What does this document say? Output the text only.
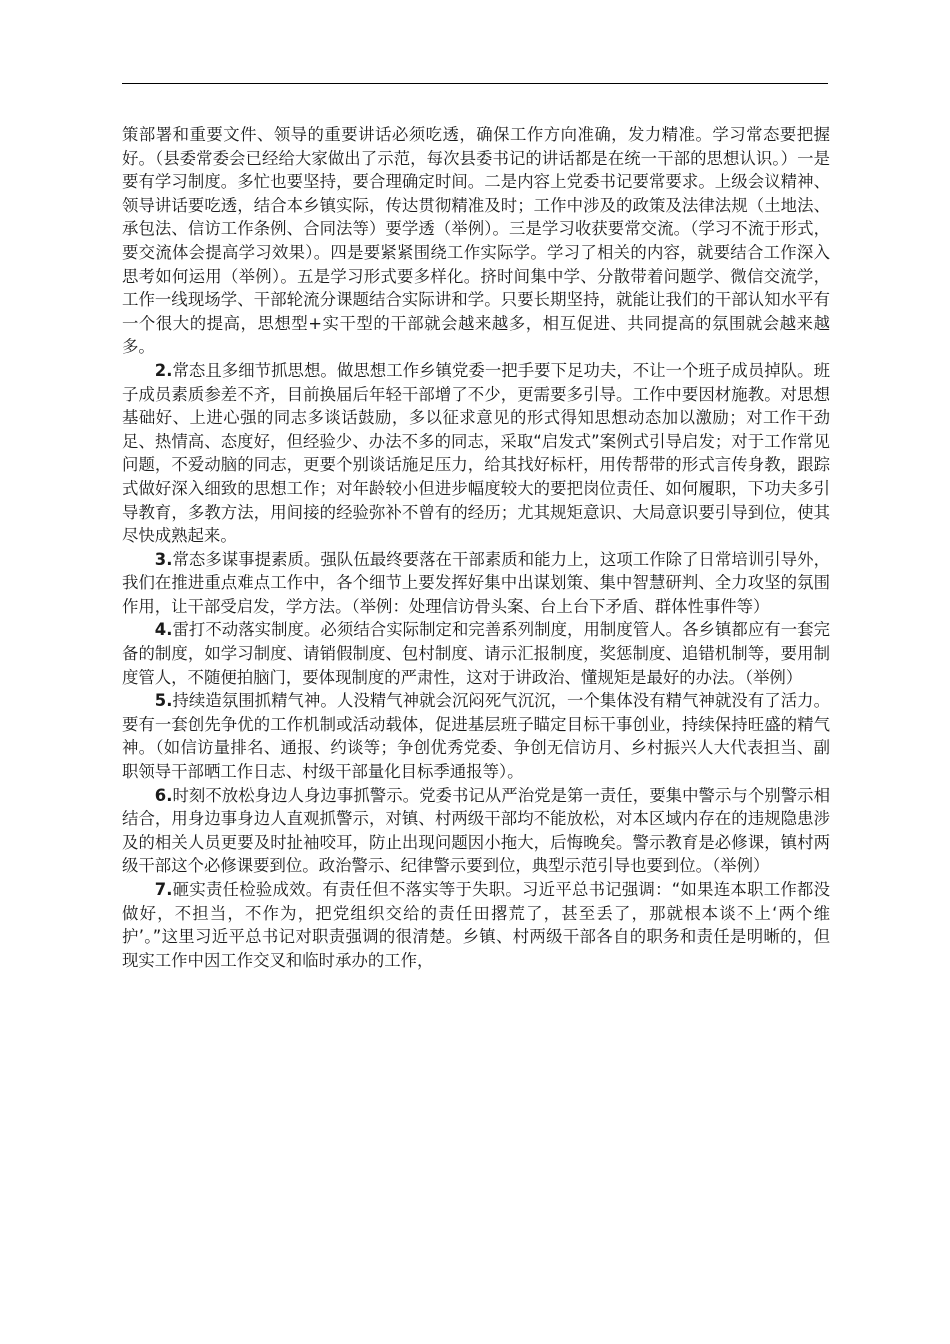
策部署和重要文件、领导的重要讲话必须吃透，确保工作方向准确，发力精准。学习常态要把握好。（县委常委会已经给大家做出了示范，每次县委书记的讲话都是在统一干部的思想认识。）一是要有学习制度。多忙也要坚持，要合理确定时间。二是内容上党委书记要常要求。上级会议精神、领导讲话要吃透，结合本乡镇实际，传达贯彻精准及时；工作中涉及的政策及法律法规（土地法、承包法、信访工作条例、合同法等）要学透（举例）。三是学习收获要常交流。（学习不流于形式，要交流体会提高学习效果）。四是要紧紧围绕工作实际学。学习了相关的内容，就要结合工作深入思考如何运用（举例）。五是学习形式要多样化。挤时间集中学、分散带着问题学、微信交流学，工作一线现场学、干部轮流分课题结合实际讲和学。只要长期坚持，就能让我们的干部认知水平有一个很大的提高，思想型+实干型的干部就会越来越多，相互促进、共同提高的氛围就会越来越多。

2.常态且多细节抓思想。做思想工作乡镇党委一把手要下足功夫，不让一个班子成员掉队。班子成员素质参差不齐，目前换届后年轻干部增了不少，更需要多引导。工作中要因材施教。对思想基础好、上进心强的同志多谈话鼓励，多以征求意见的形式得知思想动态加以激励；对工作干劲足、热情高、态度好，但经验少、办法不多的同志，采取“启发式”案例式引导启发；对于工作常见问题，不爱动脑的同志，更要个别谈话施足压力，给其找好标杆，用传帮带的形式言传身教，跟踪式做好深入细致的思想工作；对年龄较小但进步幅度较大的要把岗位责任、如何履职，下功夫多引导教育，多教方法，用间接的经验弥补不曾有的经历；尤其规矩意识、大局意识要引导到位，使其尽快成熟起来。

3.常态多谋事提素质。强队伍最终要落在干部素质和能力上，这项工作除了日常培训引导外，我们在推进重点难点工作中，各个细节上要发挥好集中出谋划策、集中智慧研判、全力攻坚的氛围作用，让干部受启发，学方法。（举例：处理信访骨头案、台上台下矛盾、群体性事件等）

4.雷打不动落实制度。必须结合实际制定和完善系列制度，用制度管人。各乡镇都应有一套完备的制度，如学习制度、请销假制度、包村制度、请示汇报制度，奖惩制度、追错机制等，要用制度管人，不随便拍脑门，要体现制度的严肃性，这对于讲政治、懂规矩是最好的办法。（举例）

5.持续造氛围抓精气神。人没精气神就会沉闷死气沉沉，一个集体没有精气神就没有了活力。要有一套创先争优的工作机制或活动载体，促进基层班子瞄定目标干事创业，持续保持旺盛的精气神。（如信访量排名、通报、约谈等；争创优秀党委、争创无信访月、乡村振兴人大代表担当、副职领导干部晒工作日志、村级干部量化目标季通报等）。

6.时刻不放松身边人身边事抓警示。党委书记从严治党是第一责任，要集中警示与个别警示相结合，用身边事身边人直观抓警示，对镇、村两级干部均不能放松，对本区域内存在的违规隐患涉及的相关人员更要及时扯袖咬耳，防止出现问题因小拖大，后悔晚矣。警示教育是必修课，镇村两级干部这个必修课要到位。政治警示、纪律警示要到位，典型示范引导也要到位。（举例）

7.砸实责任检验成效。有责任但不落实等于失职。习近平总书记强调：“如果连本职工作都没做好，不担当，不作为，把党组织交给的责任田撂荒了，甚至丢了，那就根本谈不上‘两个维护’。”这里习近平总书记对职责强调的很清楚。乡镇、村两级干部各自的职务和责任是明晰的，但现实工作中因工作交叉和临时承办的工作，
